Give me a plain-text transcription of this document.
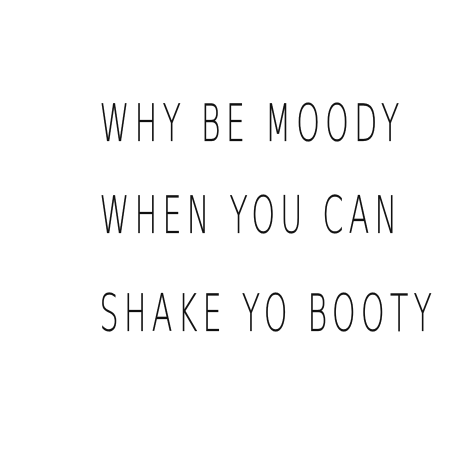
WHY BE MOODY
WHEN YOU CAN
SHAKE YO BOOTY
